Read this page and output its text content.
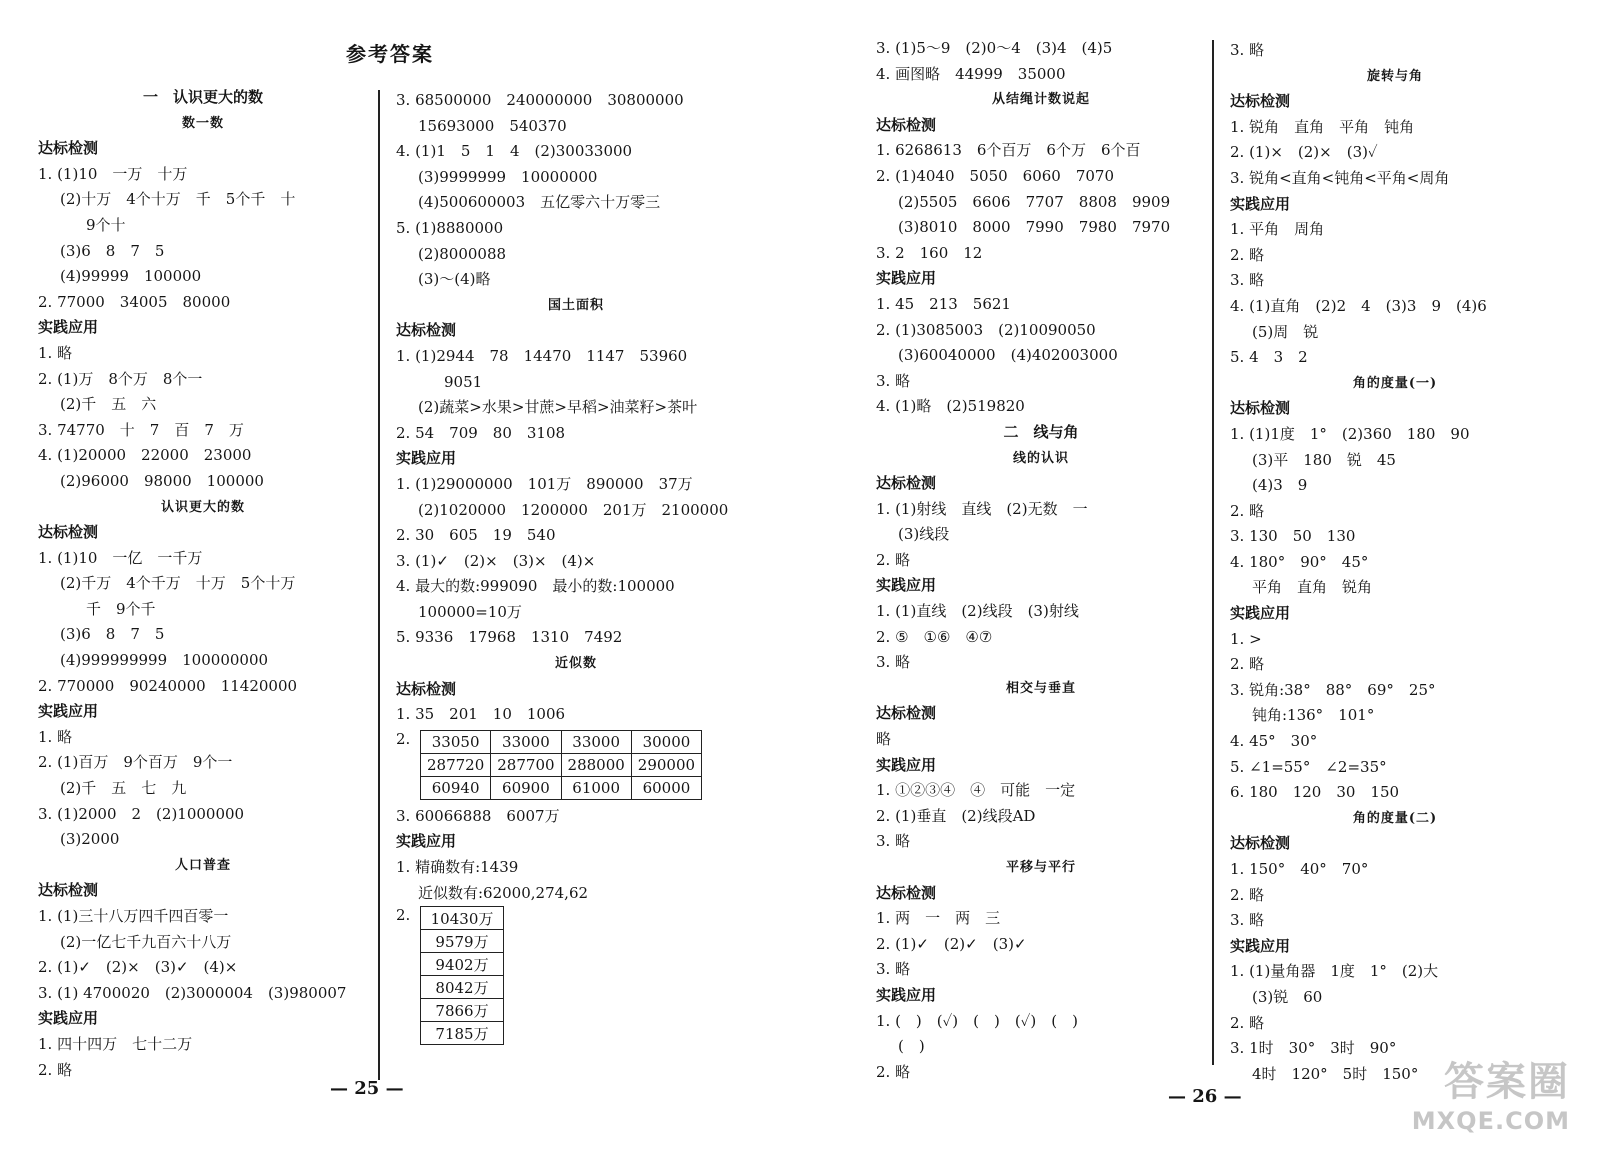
参考答案
一　认识更大的数
数一数
达标检测
1. (1)10　一万　十万
(2)十万　4个十万　千　5个千　十
9个十
(3)6　8　7　5
(4)99999　100000
2. 77000　34005　80000
实践应用
1. 略
2. (1)万　8个万　8个一
(2)千　五　六
3. 74770　十　7　百　7　万
4. (1)20000　22000　23000
(2)96000　98000　100000
认识更大的数
达标检测
1. (1)10　一亿　一千万
(2)千万　4个千万　十万　5个十万
千　9个千
(3)6　8　7　5
(4)999999999　100000000
2. 770000　90240000　11420000
实践应用
1. 略
2. (1)百万　9个百万　9个一
(2)千　五　七　九
3. (1)2000　2　(2)1000000
(3)2000
人口普查
达标检测
1. (1)三十八万四千四百零一
(2)一亿七千九百六十八万
2. (1)✓　(2)×　(3)✓　(4)×
3. (1) 4700020　(2)3000004　(3)980007
实践应用
1. 四十四万　七十二万
2. 略
3. 68500000　240000000　30800000
15693000　540370
4. (1)1　5　1　4　(2)30033000
(3)9999999　10000000
(4)500600003　五亿零六十万零三
5. (1)8880000
(2)8000088
(3)～(4)略
国土面积
达标检测
1. (1)2944　78　14470　1147　53960
9051
(2)蔬菜>水果>甘蔗>早稻>油菜籽>茶叶
2. 54　709　80　3108
实践应用
1. (1)29000000　101万　890000　37万
(2)1020000　1200000　201万　2100000
2. 30　605　19　540
3. (1)✓　(2)×　(3)×　(4)×
4. 最大的数:999090　最小的数:100000
100000=10万
5. 9336　17968　1310　7492
近似数
达标检测
1. 35　201　10　1006
2.	33050	33000	33000	30000
287720	287700	288000	290000
60940	60900	61000	60000
3. 60066888　6007万
实践应用
1. 精确数有:1439
近似数有:62000,274,62
2.	10430万
9579万
9402万
8042万
7866万
7185万
— 25 —
3. (1)5～9　(2)0～4　(3)4　(4)5
4. 画图略　44999　35000
从结绳计数说起
达标检测
1. 6268613　6个百万　6个万　6个百
2. (1)4040　5050　6060　7070
(2)5505　6606　7707　8808　9909
(3)8010　8000　7990　7980　7970
3. 2　160　12
实践应用
1. 45　213　5621
2. (1)3085003　(2)10090050
(3)60040000　(4)402003000
3. 略
4. (1)略　(2)519820
二　线与角
线的认识
达标检测
1. (1)射线　直线　(2)无数　一
(3)线段
2. 略
实践应用
1. (1)直线　(2)线段　(3)射线
2. ⑤　①⑥　④⑦
3. 略
相交与垂直
达标检测
略
实践应用
1. ①②③④　④　可能　一定
2. (1)垂直　(2)线段AD
3. 略
平移与平行
达标检测
1. 两　一　两　三
2. (1)✓　(2)✓　(3)✓
3. 略
实践应用
1. (　)　(✓)　(　)　(✓)　(　)
(　)
2. 略
3. 略
旋转与角
达标检测
1. 锐角　直角　平角　钝角
2. (1)×　(2)×　(3)✓
3. 锐角<直角<钝角<平角<周角
实践应用
1. 平角　周角
2. 略
3. 略
4. (1)直角　(2)2　4　(3)3　9　(4)6
(5)周　锐
5. 4　3　2
角的度量(一)
达标检测
1. (1)1度　1°　(2)360　180　90
(3)平　180　锐　45
(4)3　9
2. 略
3. 130　50　130
4. 180°　90°　45°
平角　直角　锐角
实践应用
1. >
2. 略
3. 锐角:38°　88°　69°　25°
钝角:136°　101°
4. 45°　30°
5. ∠1=55°　∠2=35°
6. 180　120　30　150
角的度量(二)
达标检测
1. 150°　40°　70°
2. 略
3. 略
实践应用
1. (1)量角器　1度　1°　(2)大
(3)锐　60
2. 略
3. 1时　30°　3时　90°
4时　120°　5时　150°
— 26 —	答案圈
MXQE.COM
